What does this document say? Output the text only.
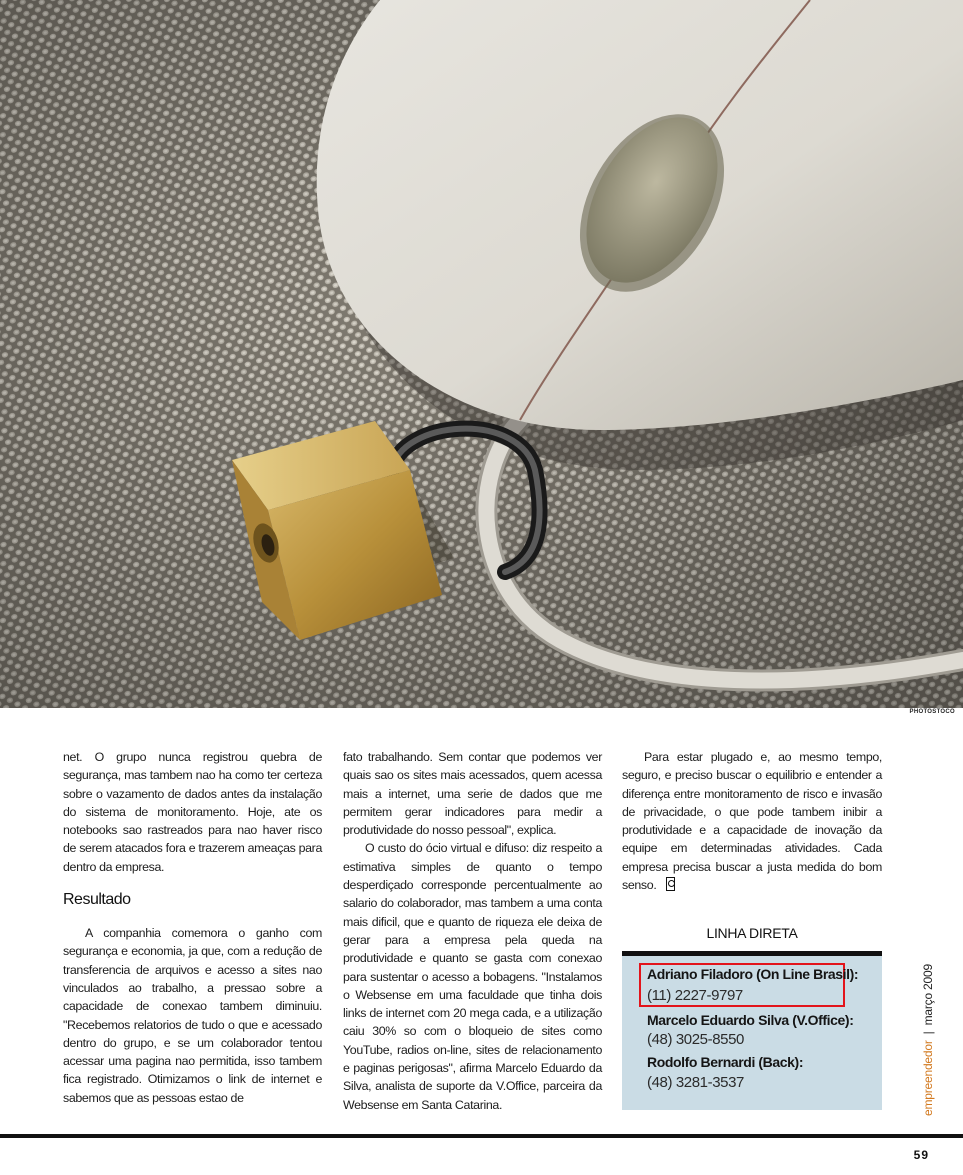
PHOTOSTOCO

net. O grupo nunca registrou quebra de segurança, mas tambem nao ha como ter certeza sobre o vazamento de dados antes da instalação do sistema de monitoramento. Hoje, ate os notebooks sao rastreados para nao haver risco de serem atacados fora e trazerem ameaças para dentro da empresa.

Resultado

A companhia comemora o ganho com segurança e economia, ja que, com a redução de transferencia de arquivos e acesso a sites nao vinculados ao trabalho, a pressao sobre a capacidade de conexao tambem diminuiu. "Recebemos relatorios de tudo o que e acessado dentro do grupo, e se um colaborador tentou acessar uma pagina nao permitida, isso tambem fica registrado. Otimizamos o link de internet e sabemos que as pessoas estao de

fato trabalhando. Sem contar que podemos ver quais sao os sites mais acessados, quem acessa mais a internet, uma serie de dados que me permitem gerar indicadores para medir a produtividade do nosso pessoal", explica.

O custo do ócio virtual e difuso: diz respeito a estimativa simples de quanto o tempo desperdiçado corresponde percentualmente ao salario do colaborador, mas tambem a uma conta mais dificil, que e quanto de riqueza ele deixa de gerar para a empresa pela queda na produtividade e quanto se gasta com conexao para sustentar o acesso a bobagens. "Instalamos o Websense em uma faculdade que tinha dois links de internet com 20 mega cada, e a utilização caiu 30% so com o bloqueio de sites como YouTube, radios on-line, sites de relacionamento e paginas perigosas", afirma Marcelo Eduardo da Silva, analista de suporte da V.Office, parceira da Websense em Santa Catarina.

Para estar plugado e, ao mesmo tempo, seguro, e preciso buscar o equilibrio e entender a diferença entre monitoramento de risco e invasão de privacidade, o que pode tambem inibir a produtividade e a capacidade de inovação da equipe em determinadas atividades. Cada empresa precisa buscar a justa medida do bom senso.

LINHA DIRETA
Adriano Filadoro (On Line Brasil):
(11) 2227-9797
Marcelo Eduardo Silva (V.Office):
(48) 3025-8550
Rodolfo Bernardi (Back):
(48) 3281-3537	empreendedor|março 2009
59
